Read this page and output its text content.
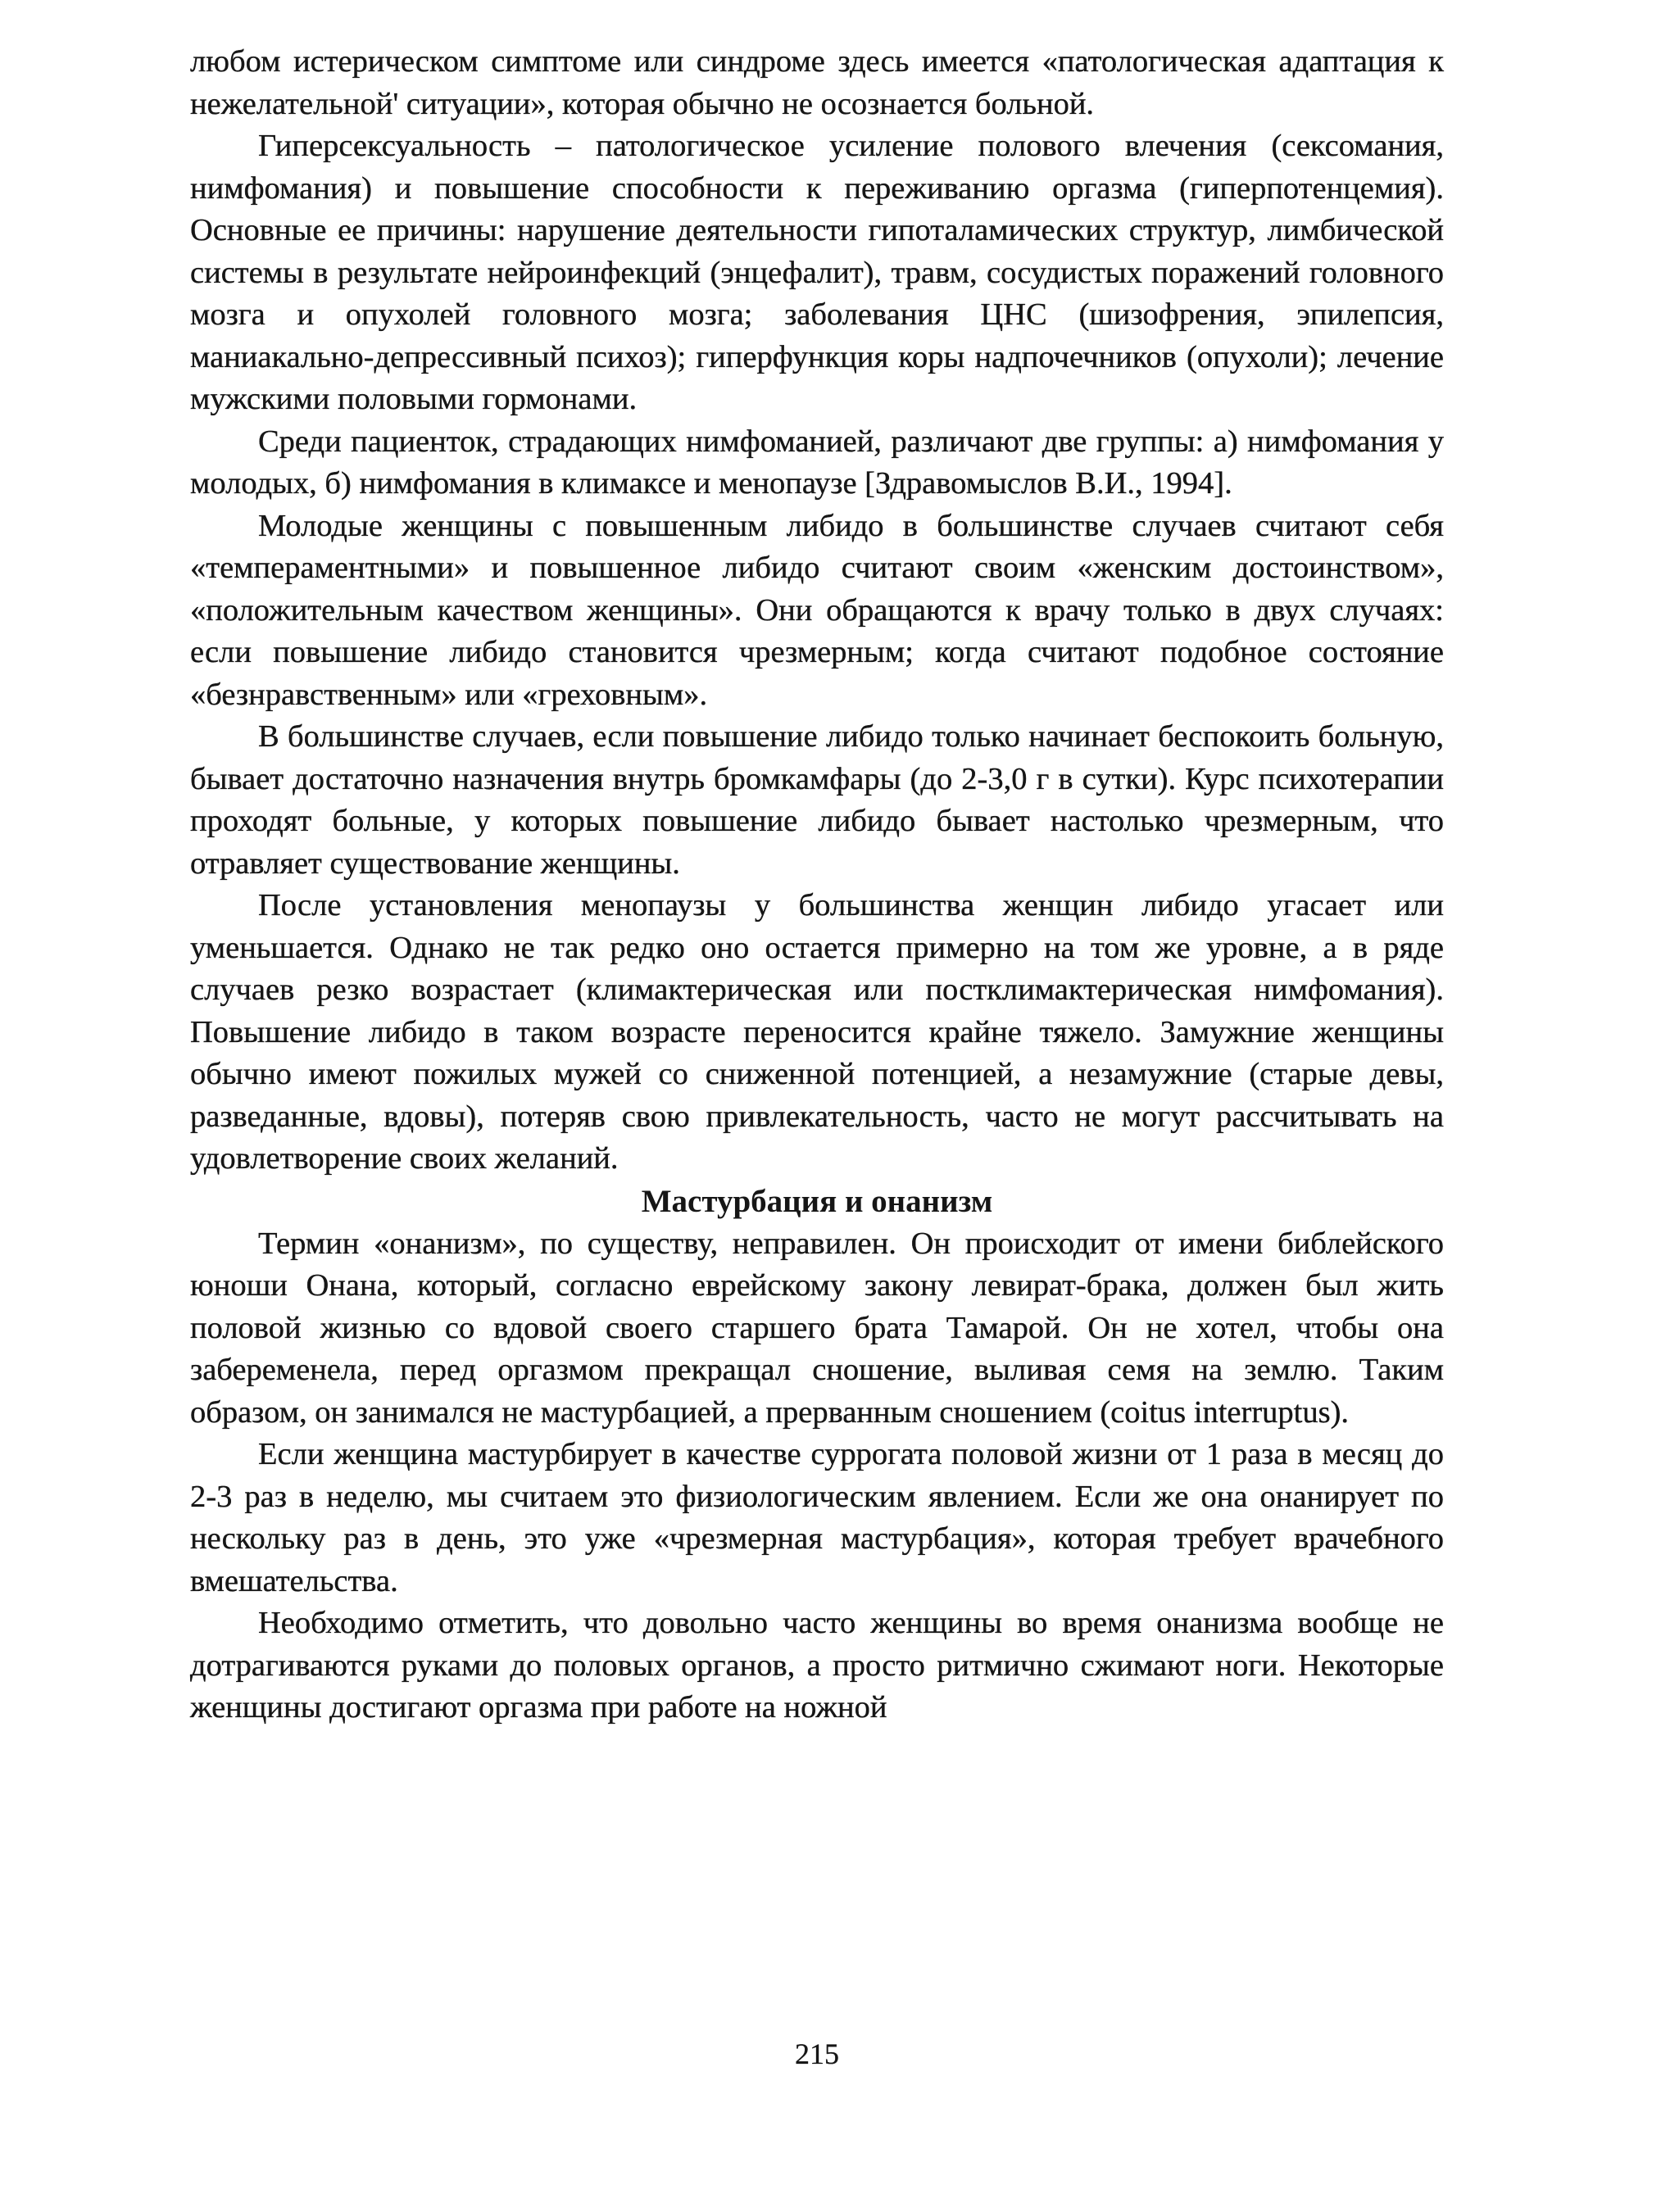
любом истерическом симптоме или синдроме здесь имеется «патологическая адаптация к нежелательной' ситуации», которая обычно не осознается больной.

Гиперсексуальность – патологическое усиление полового влечения (сексомания, нимфомания) и повышение способности к переживанию оргазма (гиперпотенцемия). Основные ее причины: нарушение деятельности гипоталамических структур, лимбической системы в результате нейроинфекций (энцефалит), травм, сосудистых поражений головного мозга и опухолей головного мозга; заболевания ЦНС (шизофрения, эпилепсия, маниакально-депрессивный психоз); гиперфункция коры надпочечников (опухоли); лечение мужскими половыми гормонами.

Среди пациенток, страдающих нимфоманией, различают две группы: а) нимфомания у молодых, б) нимфомания в климаксе и менопаузе [Здравомыслов В.И., 1994].

Молодые женщины с повышенным либидо в большинстве случаев считают себя «темпераментными» и повышенное либидо считают своим «женским достоинством», «положительным качеством женщины». Они обращаются к врачу только в двух случаях: если повышение либидо становится чрезмерным; когда считают подобное состояние «безнравственным» или «греховным».

В большинстве случаев, если повышение либидо только начинает беспокоить больную, бывает достаточно назначения внутрь бромкамфары (до 2-3,0 г в сутки). Курс психотерапии проходят больные, у которых повышение либидо бывает настолько чрезмерным, что отравляет существование женщины.

После установления менопаузы у большинства женщин либидо угасает или уменьшается. Однако не так редко оно остается примерно на том же уровне, а в ряде случаев резко возрастает (климактерическая или постклимактерическая нимфомания). Повышение либидо в таком возрасте переносится крайне тяжело. Замужние женщины обычно имеют пожилых мужей со сниженной потенцией, а незамужние (старые девы, разведанные, вдовы), потеряв свою привлекательность, часто не могут рассчитывать на удовлетворение своих желаний.

Мастурбация и онанизм

Термин «онанизм», по существу, неправилен. Он происходит от имени библейского юноши Онана, который, согласно еврейскому закону левират-брака, должен был жить половой жизнью со вдовой своего старшего брата Тамарой. Он не хотел, чтобы она забеременела, перед оргазмом прекращал сношение, выливая семя на землю. Таким образом, он занимался не мастурбацией, а прерванным сношением (coitus interruptus).

Если женщина мастурбирует в качестве суррогата половой жизни от 1 раза в месяц до 2-3 раз в неделю, мы считаем это физиологическим явлением. Если же она онанирует по нескольку раз в день, это уже «чрезмерная мастурбация», которая требует врачебного вмешательства.

Необходимо отметить, что довольно часто женщины во время онанизма вообще не дотрагиваются руками до половых органов, а просто ритмично сжимают ноги. Некоторые женщины достигают оргазма при работе на ножной

215
